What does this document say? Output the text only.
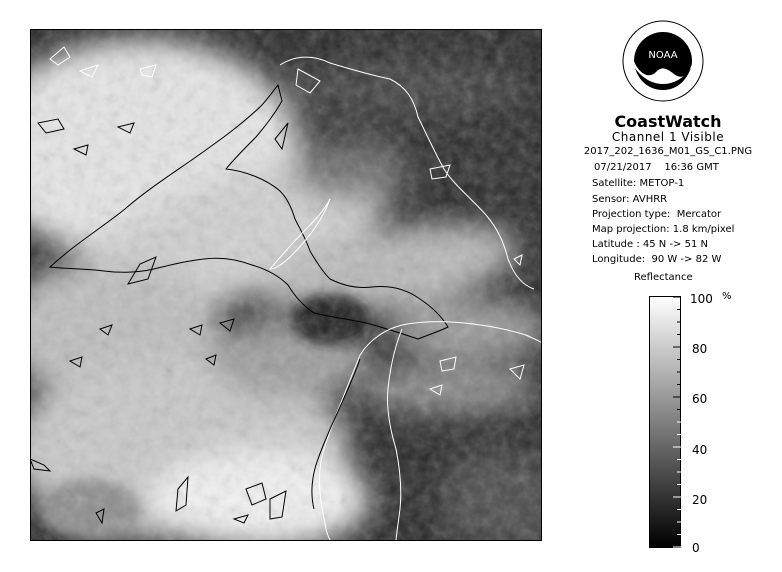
NOAA
CoastWatch
Channel 1 Visible
2017_202_1636_M01_GS_C1.PNG
07/21/2017    16:36 GMT
Satellite: METOP-1
Sensor: AVHRR
Projection type:  Mercator
Map projection: 1.8 km/pixel
Latitude : 45 N -> 51 N
Longitude:  90 W -> 82 W
Reflectance
%
100
80
60
40
20
0
